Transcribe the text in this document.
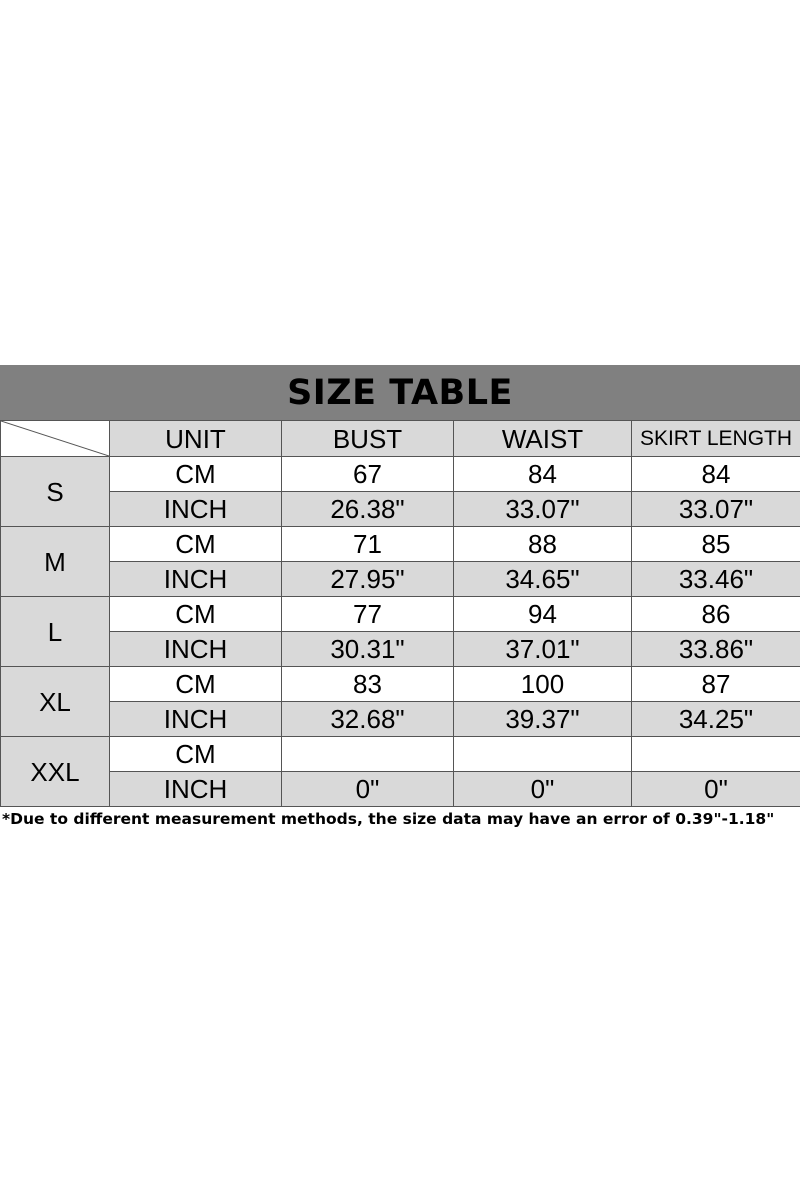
SIZE TABLE
	UNIT	BUST	WAIST	SKIRT LENGTH
S	CM	67	84	84
	INCH	26.38"	33.07"	33.07"
M	CM	71	88	85
	INCH	27.95"	34.65"	33.46"
L	CM	77	94	86
	INCH	30.31"	37.01"	33.86"
XL	CM	83	100	87
	INCH	32.68"	39.37"	34.25"
XXL	CM			
	INCH	0"	0"	0"
*Due to different measurement methods, the size data may have an error of 0.39"-1.18"
